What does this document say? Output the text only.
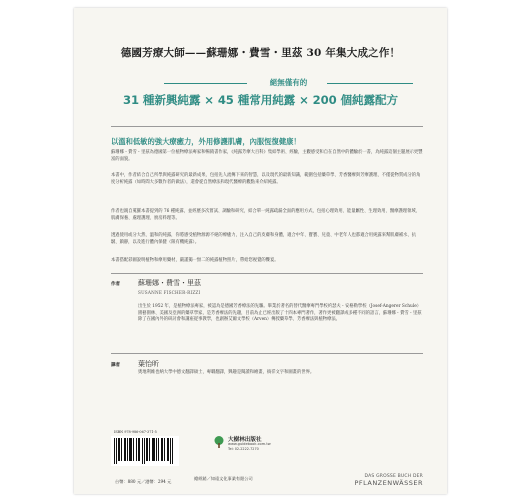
德國芳療大師——蘇珊娜・費雪・里茲 30 年集大成之作！
絕無僅有的
31 種新興純露 × 45 種常用純露 × 200 個純露配方
以溫和低敏的強大療癒力，外用修護肌膚，內服恆復健康！
蘇珊娜・費雪・里茲為德國第一位植物療法專家和暢銷書作家，《純露芳療大百科》集結學術、經驗，主觀感受和自在自然中的體驗於一書，為純露這個主題展示更豐富的面貌。
本書中，作者結合自己所學與純露研究的最新成果，包括先人流傳下來的智慧，以及現代的最新知識，範圍包括藥草學、芳香醫療與芳療護理、不僅從物質成分的角度分析純露（如時間大多數作者的做法），還會從自然療法和現代醫療的觀點來介紹純露。
作者也親自蒐羅本書提到的 76 種純露，並經歷多次嘗試、調驗和研究，結合單一純露疏漏全面的應用方式，包括心理效用、能量屬性、生理效用、醫療護理領域、肌膚保養、處理護理、廚房料理等。
透過使用或分大然、溫和的純露，你將感受植物源源不絕的療癒力，注入自己的皮膚和身體，適合中年、寶寶、兒童、中老年人也都適合用純露來幫肌膚補水、抗皺、鎮靜，以及進行體內保健（限有機純露）。
本書搭配彩圖說明植物和療用藥材，嚴謹獨一無二的純露植物照片，帶給您視覺的饗宴。
作者	蘇珊娜・費雪・里茲
SUSANNE FISCHER-RIZZI
出生於 1952 年，是植物療法專家，被認為是德國芳香療法的先驅。畢業於著名的替代醫療專門學校約瑟夫・安格勒學校（Josef-Angerer Schule）園藝園林、美國及亞洲的藥草學家，是芳香療法的先趨，目前為止已經出版了十四本專門著作，著作更被翻譯成多種不同的語言，蘇珊娜・費雪・里茲除了在國內外的研討會和講座從事教學，也創辦艾爾文學校（Arven）傳授藥草學、芳香療法與植物療法。
譯者	葉怡昕
奧地利維也納大學中德文翻譯碩士，專職翻譯，興趣是閱讀和繪畫，徜徉文字和圖畫的世界。
ISBN 978-986-067-371-5
台幣：880 元／港幣：294 元
大樹林出版社
www.guidebook.com.tw
Tel: 02-2222-7270
總經銷／知遠文化事業有限公司	DAS GROSSE BUCH DER
PFLANZENWÄSSER
